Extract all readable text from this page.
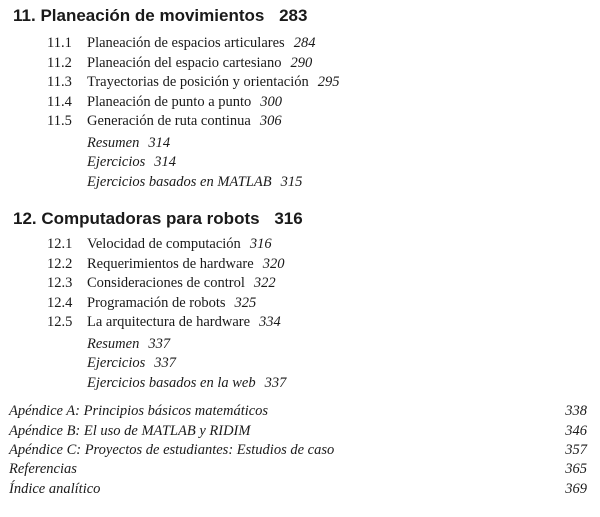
11. Planeación de movimientos 283
11.1 Planeación de espacios articulares 284
11.2 Planeación del espacio cartesiano 290
11.3 Trayectorias de posición y orientación 295
11.4 Planeación de punto a punto 300
11.5 Generación de ruta continua 306
Resumen 314
Ejercicios 314
Ejercicios basados en MATLAB 315
12. Computadoras para robots 316
12.1 Velocidad de computación 316
12.2 Requerimientos de hardware 320
12.3 Consideraciones de control 322
12.4 Programación de robots 325
12.5 La arquitectura de hardware 334
Resumen 337
Ejercicios 337
Ejercicios basados en la web 337
Apéndice A: Principios básicos matemáticos	338
Apéndice B: El uso de MATLAB y RIDIM	346
Apéndice C: Proyectos de estudiantes: Estudios de caso	357
Referencias	365
Índice analítico	369
